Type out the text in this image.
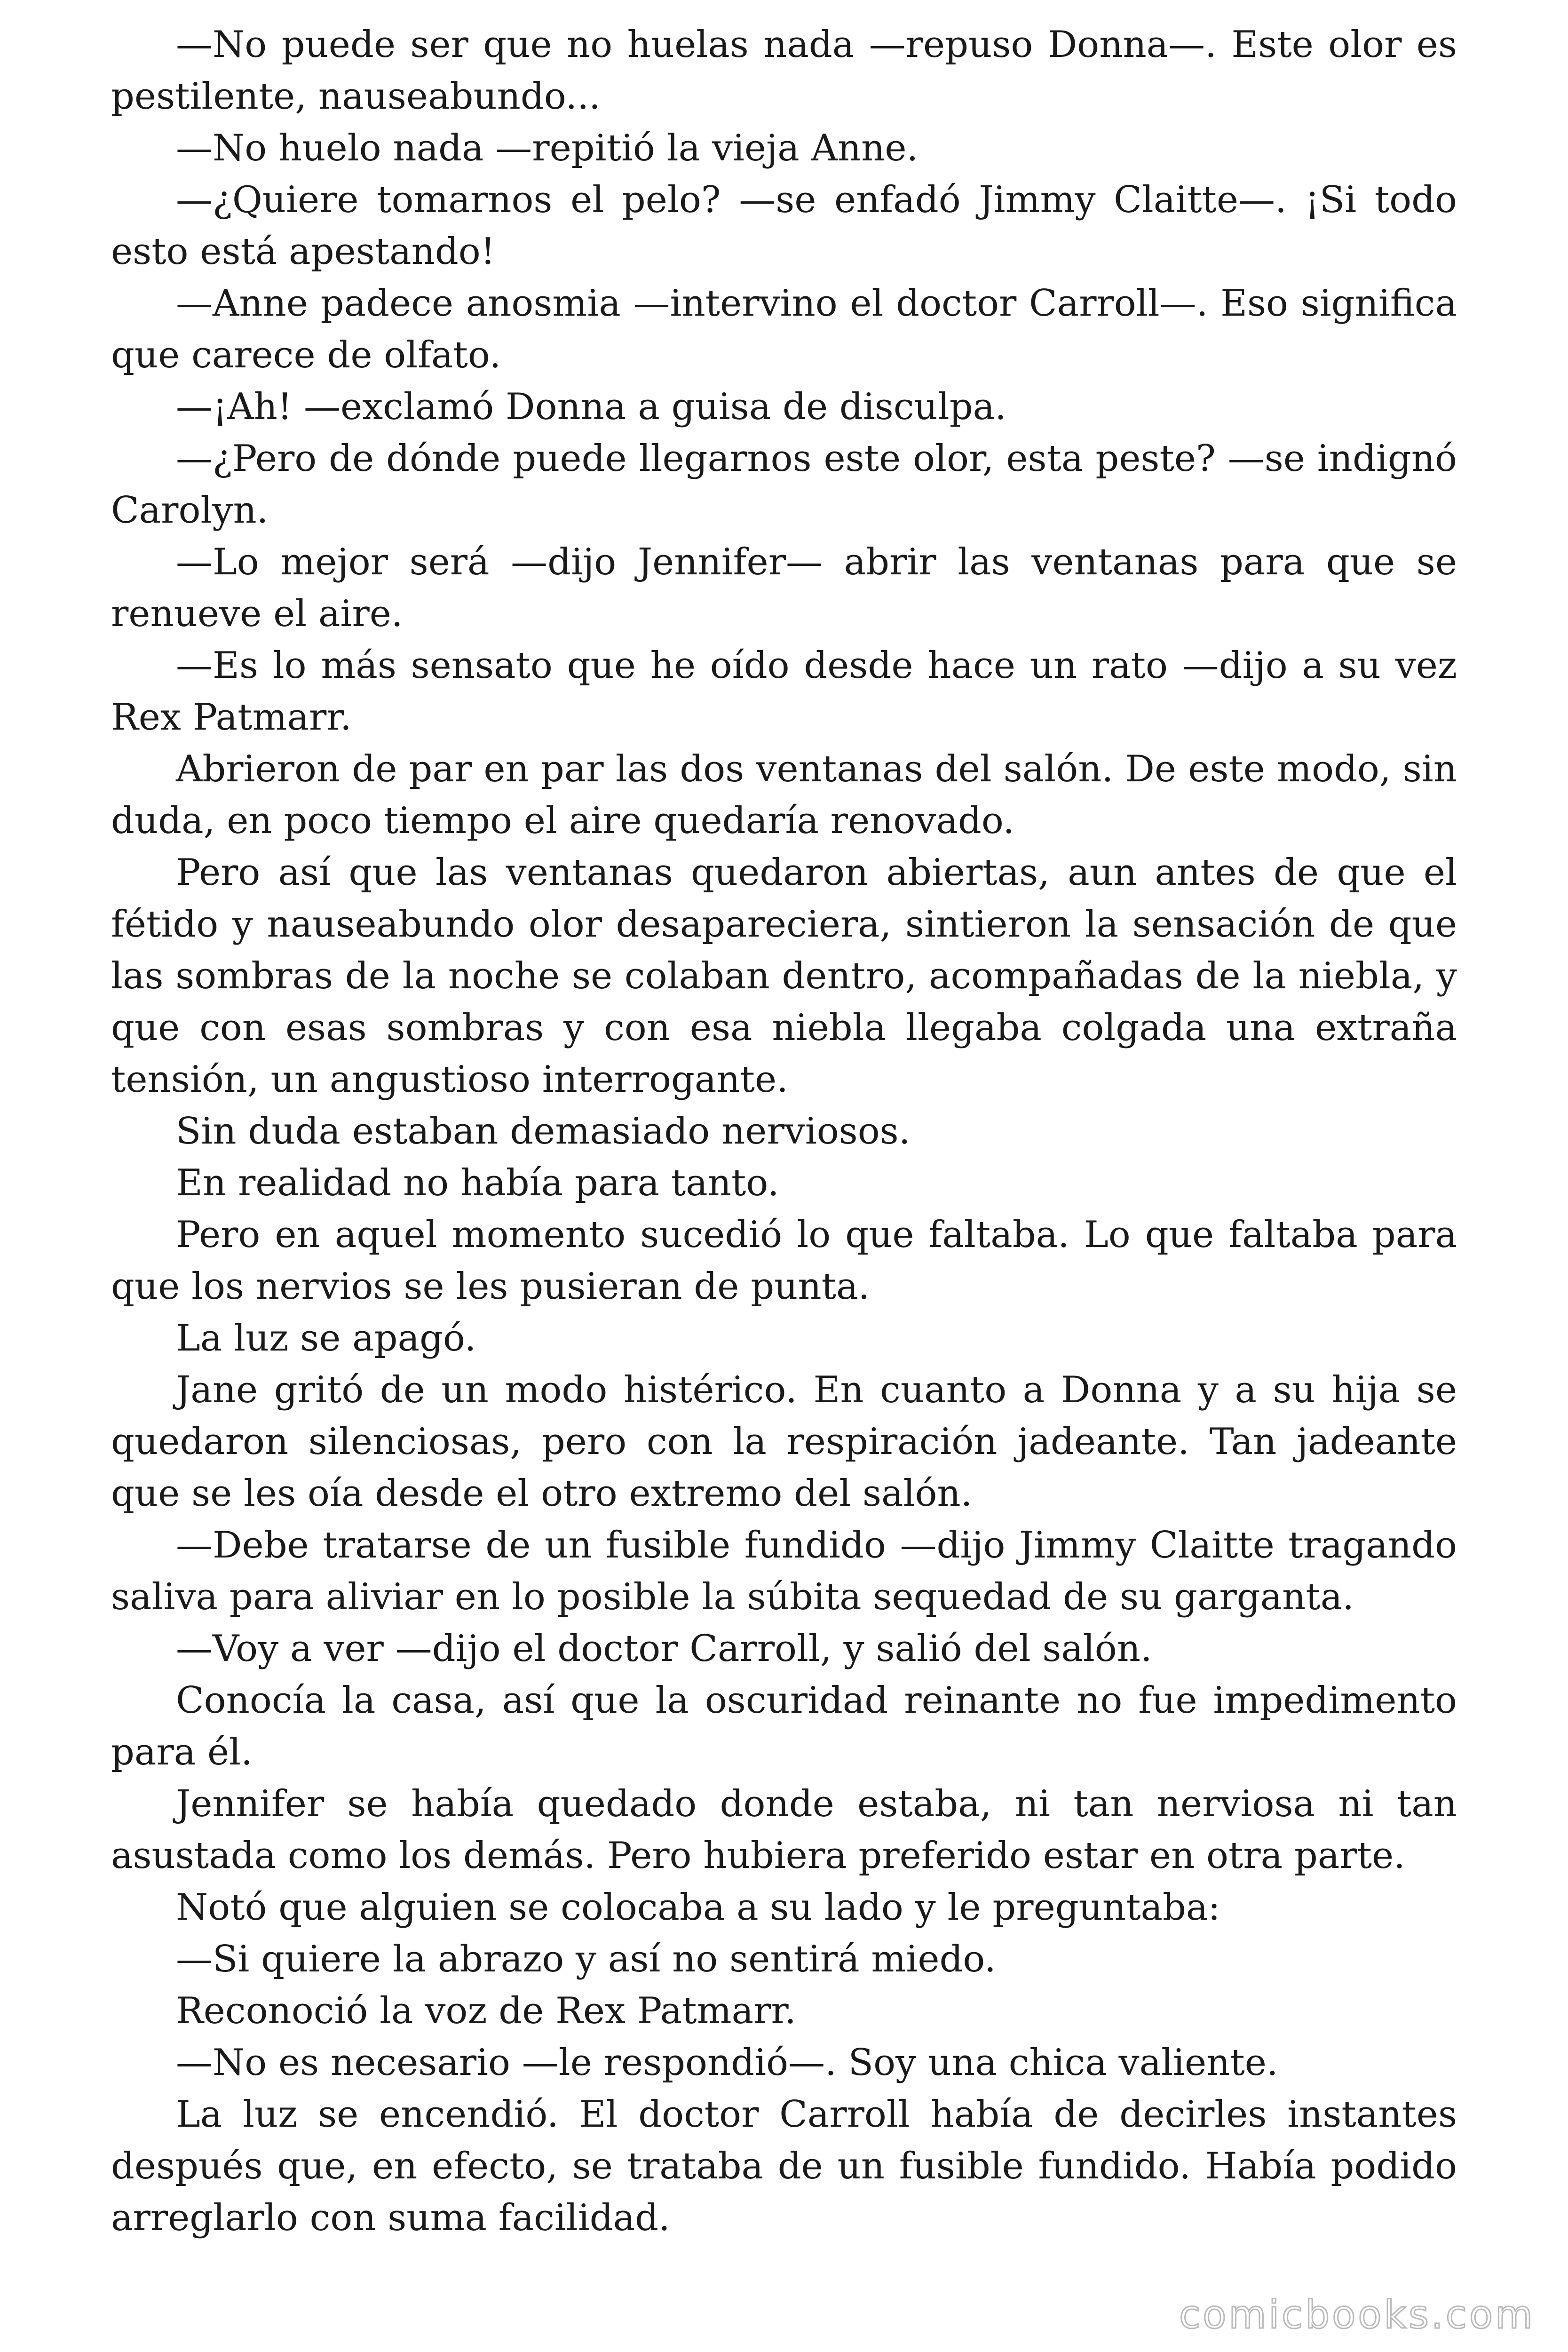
—No puede ser que no huelas nada —repuso Donna—. Este olor es pestilente, nauseabundo...

—No huelo nada —repitió la vieja Anne.

—¿Quiere tomarnos el pelo? —se enfadó Jimmy Claitte—. ¡Si todo esto está apestando!

—Anne padece anosmia —intervino el doctor Carroll—. Eso significa que carece de olfato.

—¡Ah! —exclamó Donna a guisa de disculpa.

—¿Pero de dónde puede llegarnos este olor, esta peste? —se indignó Carolyn.

—Lo mejor será —dijo Jennifer— abrir las ventanas para que se renueve el aire.

—Es lo más sensato que he oído desde hace un rato —dijo a su vez Rex Patmarr.

Abrieron de par en par las dos ventanas del salón. De este modo, sin duda, en poco tiempo el aire quedaría renovado.

Pero así que las ventanas quedaron abiertas, aun antes de que el fétido y nauseabundo olor desapareciera, sintieron la sensación de que las sombras de la noche se colaban dentro, acompañadas de la niebla, y que con esas sombras y con esa niebla llegaba colgada una extraña tensión, un angustioso interrogante.

Sin duda estaban demasiado nerviosos.

En realidad no había para tanto.

Pero en aquel momento sucedió lo que faltaba. Lo que faltaba para que los nervios se les pusieran de punta.

La luz se apagó.

Jane gritó de un modo histérico. En cuanto a Donna y a su hija se quedaron silenciosas, pero con la respiración jadeante. Tan jadeante que se les oía desde el otro extremo del salón.

—Debe tratarse de un fusible fundido —dijo Jimmy Claitte tragando saliva para aliviar en lo posible la súbita sequedad de su garganta.

—Voy a ver —dijo el doctor Carroll, y salió del salón.

Conocía la casa, así que la oscuridad reinante no fue impedimento para él.

Jennifer se había quedado donde estaba, ni tan nerviosa ni tan asustada como los demás. Pero hubiera preferido estar en otra parte.

Notó que alguien se colocaba a su lado y le preguntaba:

—Si quiere la abrazo y así no sentirá miedo.

Reconoció la voz de Rex Patmarr.

—No es necesario —le respondió—. Soy una chica valiente.

La luz se encendió. El doctor Carroll había de decirles instantes después que, en efecto, se trataba de un fusible fundido. Había podido arreglarlo con suma facilidad.

comicbooks.com
